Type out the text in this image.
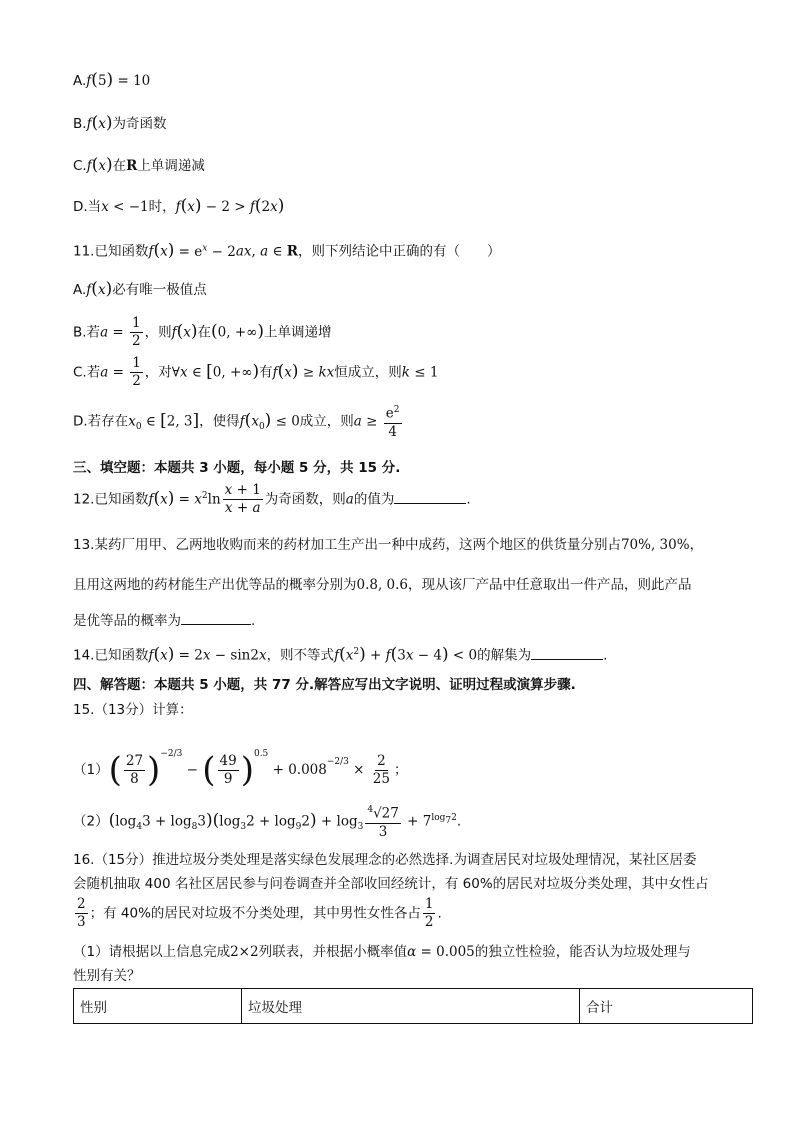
A.f(5) = 10
B.f(x)为奇函数
C.f(x)在R上单调递减
D.当x < −1时，f(x) − 2 > f(2x)
11.已知函数$f(x) = e^x - 2ax$, a ∈ R，则下列结论中正确的有（　　）
A.f(x)必有唯一极值点
B.若$a = \frac{1}{2}$ ，则f(x)在(0, +∞)上单调递增
C.若$a = \frac{1}{2}$ ，对∀x ∈ [0, +∞)有f(x) ≥ kx恒成立，则k ≤ 1
D.若存在$x_0$ ∈ [2, 3]，使得$f(x_0) \le 0$成立，则$a \ge \frac{e^2}{4}$
三、填空题：本题共 3 小题，每小题 5 分，共 15 分.
12.已知函数$f(x) = x^2\ln \frac{x + 1}{x + a}$ 为奇函数，则a的值为	.
13.某药厂用甲、乙两地收购而来的药材加工生产出一种中成药，这两个地区的供货量分别占70%, 30%，
且用这两地的药材能生产出优等品的概率分别为0.8, 0.6，现从该厂产品中任意取出一件产品，则此产品
是优等品的概率为	.
14.已知函数f(x) = 2x − sin2x，则不等式$f(x^2) + f(3x - 4) < 0$的解集为	.
四、解答题：本题共 5 小题，共 77 分.解答应写出文字说明、证明过程或演算步骤.
15.（13分）计算：
$(1)( \frac{27}{8} )^{-2/3}$ − ( $\frac{49}{9} )^{0.5} + 0.008^{-2/3} \times \frac{2}{25}$ ；
$(2)(\log_43 + \log_83)(\log_32 + \log_92) + \log_3 \frac{^4√27}{3} + 7^{log_72}$.
16.（15分）推进垃圾分类处理是落实绿色发展理念的必然选择.为调查居民对垃圾处理情况，某社区居委
会随机抽取 400 名社区居民参与问卷调查并全部收回经统计，有 60%的居民对垃圾分类处理，其中女性占
$\frac{2}{3}$ ；有 40%的居民对垃圾不分类处理，其中男性女性各占 $\frac{1}{2}$ .
（1）请根据以上信息完成2×2列联表，并根据小概率值α = 0.005的独立性检验，能否认为垃圾处理与
性别有关？
性别	垃圾处理	合计
